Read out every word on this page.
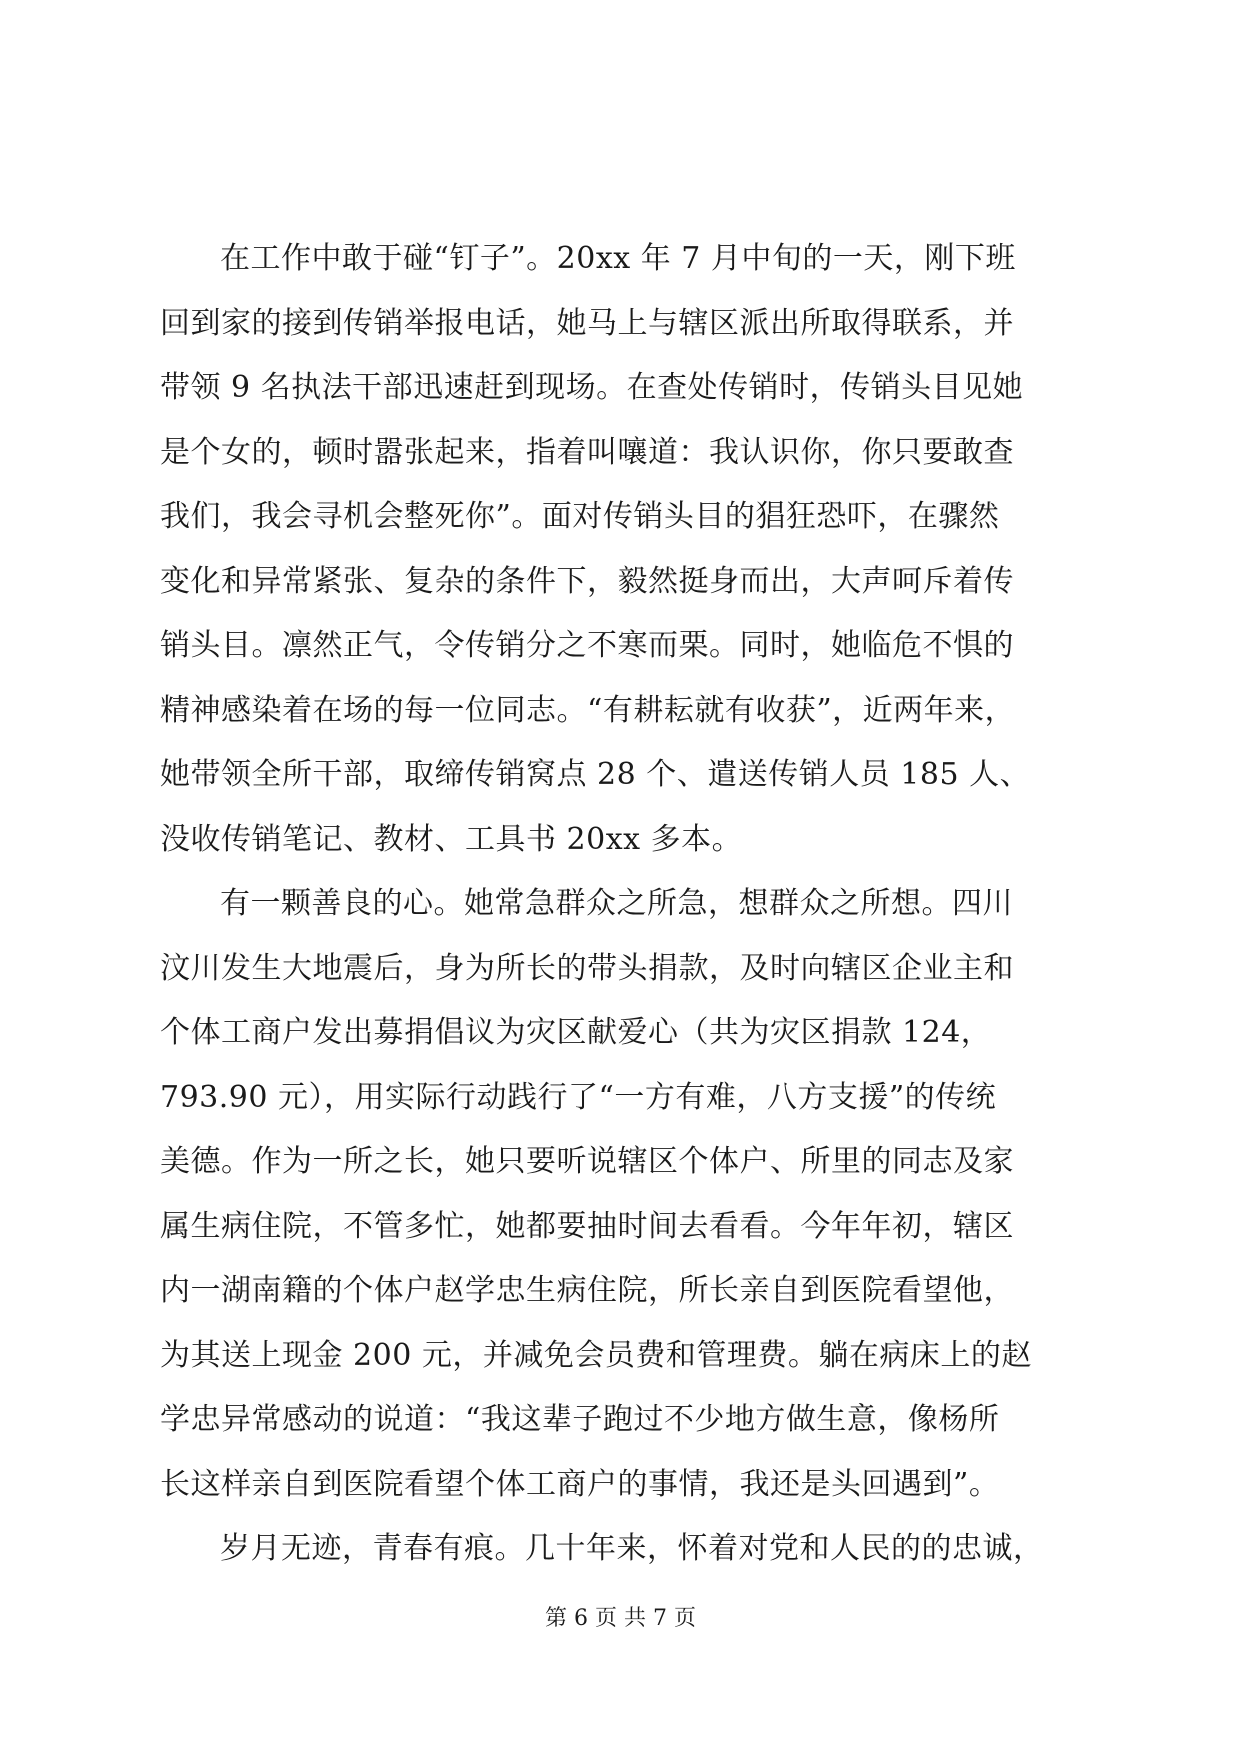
在工作中敢于碰“钉子”。20xx 年 7 月中旬的一天，刚下班
回到家的接到传销举报电话，她马上与辖区派出所取得联系，并
带领 9 名执法干部迅速赶到现场。在查处传销时，传销头目见她
是个女的，顿时嚣张起来，指着叫嚷道：我认识你，你只要敢查
我们，我会寻机会整死你”。面对传销头目的猖狂恐吓，在骤然
变化和异常紧张、复杂的条件下，毅然挺身而出，大声呵斥着传
销头目。凛然正气，令传销分之不寒而栗。同时，她临危不惧的
精神感染着在场的每一位同志。“有耕耘就有收获”，近两年来，
她带领全所干部，取缔传销窝点 28 个、遣送传销人员 185 人、
没收传销笔记、教材、工具书 20xx 多本。
有一颗善良的心。她常急群众之所急，想群众之所想。四川
汶川发生大地震后，身为所长的带头捐款，及时向辖区企业主和
个体工商户发出募捐倡议为灾区献爱心（共为灾区捐款 124，
793.90 元），用实际行动践行了“一方有难，八方支援”的传统
美德。作为一所之长，她只要听说辖区个体户、所里的同志及家
属生病住院，不管多忙，她都要抽时间去看看。今年年初，辖区
内一湖南籍的个体户赵学忠生病住院，所长亲自到医院看望他，
为其送上现金 200 元，并减免会员费和管理费。躺在病床上的赵
学忠异常感动的说道：“我这辈子跑过不少地方做生意，像杨所
长这样亲自到医院看望个体工商户的事情，我还是头回遇到”。
岁月无迹，青春有痕。几十年来，怀着对党和人民的的忠诚，
第 6 页 共 7 页
